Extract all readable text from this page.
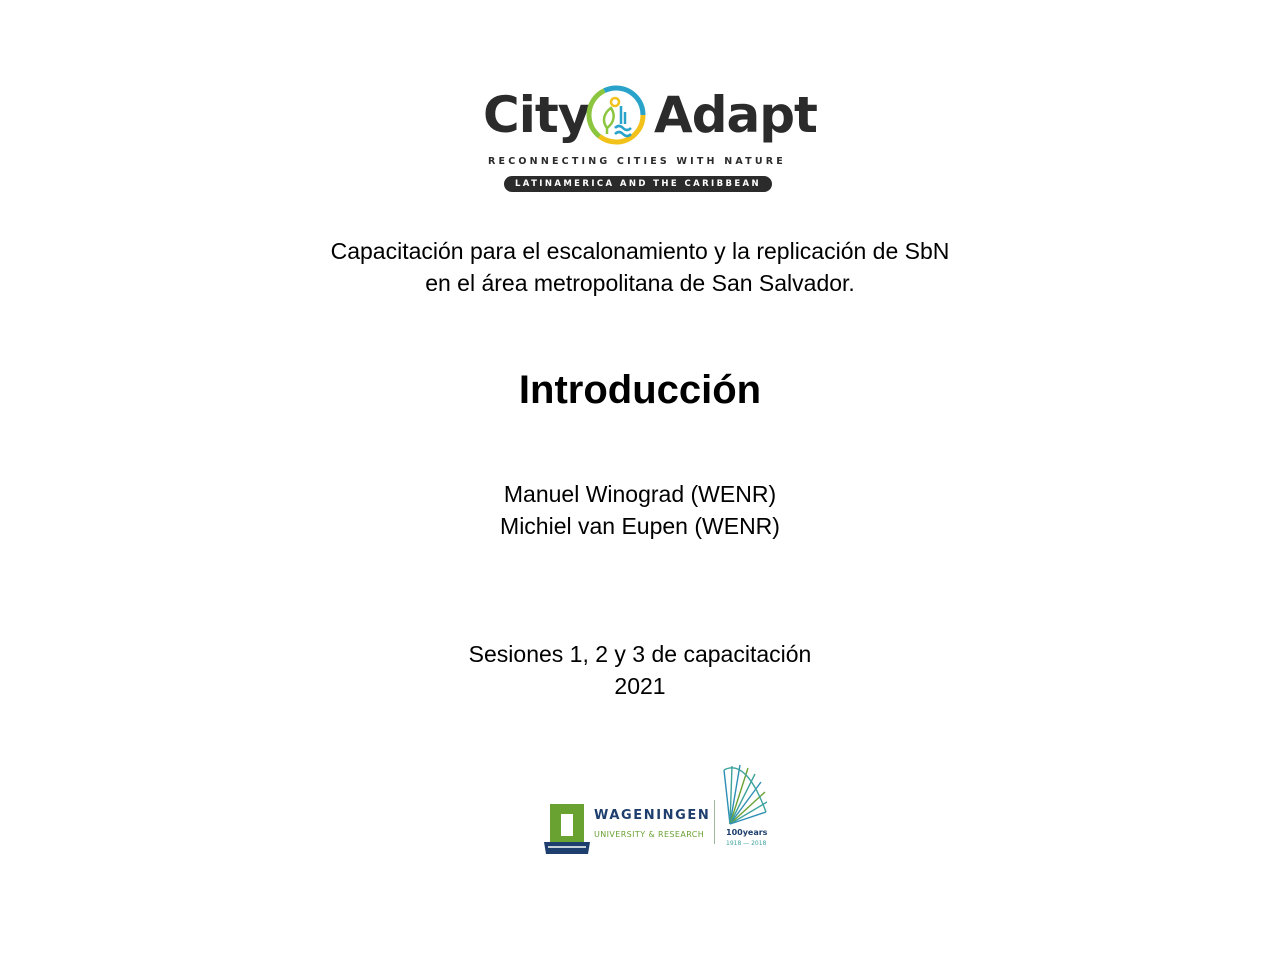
City Adapt
RECONNECTING CITIES WITH NATURE
LATINAMERICA AND THE CARIBBEAN
Capacitación para el escalonamiento y la replicación de SbN
en el área metropolitana de San Salvador.
Introducción
Manuel Winograd (WENR)
Michiel van Eupen (WENR)
Sesiones 1, 2 y 3 de capacitación
2021
WAGENINGEN
UNIVERSITY & RESEARCH	100years
1918 — 2018
